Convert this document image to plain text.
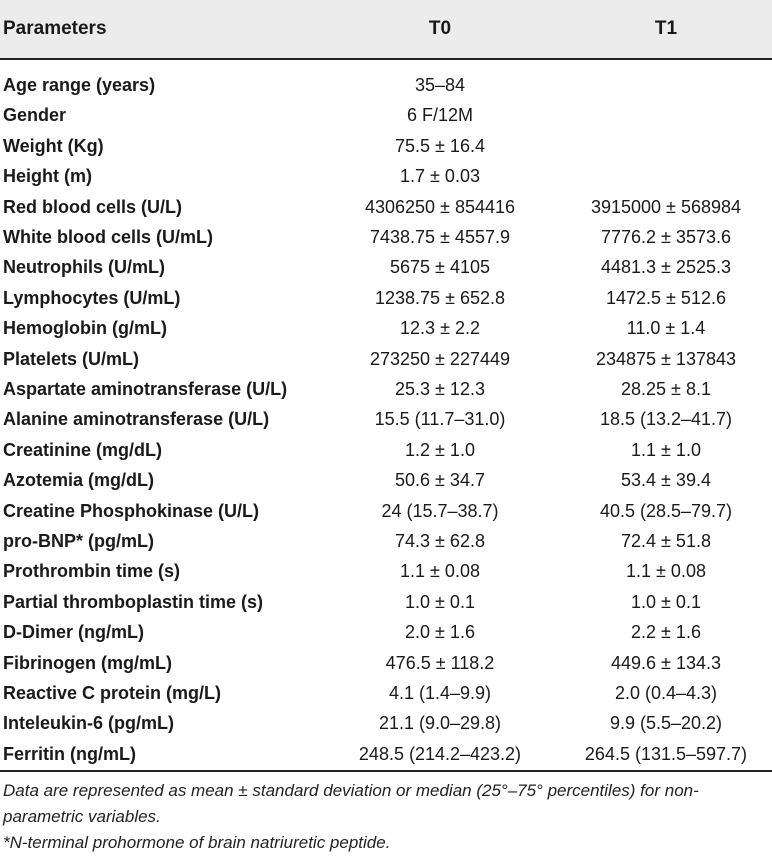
Parameters	T0	T1
Age range (years)	35–84
Gender	6 F/12M
Weight (Kg)	75.5 ± 16.4
Height (m)	1.7 ± 0.03
Red blood cells (U/L)	4306250 ± 854416	3915000 ± 568984
White blood cells (U/mL)	7438.75 ± 4557.9	7776.2 ± 3573.6
Neutrophils (U/mL)	5675 ± 4105	4481.3 ± 2525.3
Lymphocytes (U/mL)	1238.75 ± 652.8	1472.5 ± 512.6
Hemoglobin (g/mL)	12.3 ± 2.2	11.0 ± 1.4
Platelets (U/mL)	273250 ± 227449	234875 ± 137843
Aspartate aminotransferase (U/L)	25.3 ± 12.3	28.25 ± 8.1
Alanine aminotransferase (U/L)	15.5 (11.7–31.0)	18.5 (13.2–41.7)
Creatinine (mg/dL)	1.2 ± 1.0	1.1 ± 1.0
Azotemia (mg/dL)	50.6 ± 34.7	53.4 ± 39.4
Creatine Phosphokinase (U/L)	24 (15.7–38.7)	40.5 (28.5–79.7)
pro-BNP* (pg/mL)	74.3 ± 62.8	72.4 ± 51.8
Prothrombin time (s)	1.1 ± 0.08	1.1 ± 0.08
Partial thromboplastin time (s)	1.0 ± 0.1	1.0 ± 0.1
D-Dimer (ng/mL)	2.0 ± 1.6	2.2 ± 1.6
Fibrinogen (mg/mL)	476.5 ± 118.2	449.6 ± 134.3
Reactive C protein (mg/L)	4.1 (1.4–9.9)	2.0 (0.4–4.3)
Inteleukin-6 (pg/mL)	21.1 (9.0–29.8)	9.9 (5.5–20.2)
Ferritin (ng/mL)	248.5 (214.2–423.2)	264.5 (131.5–597.7)
Data are represented as mean ± standard deviation or median (25°–75° percentiles) for non-parametric variables.
*N-terminal prohormone of brain natriuretic peptide.
